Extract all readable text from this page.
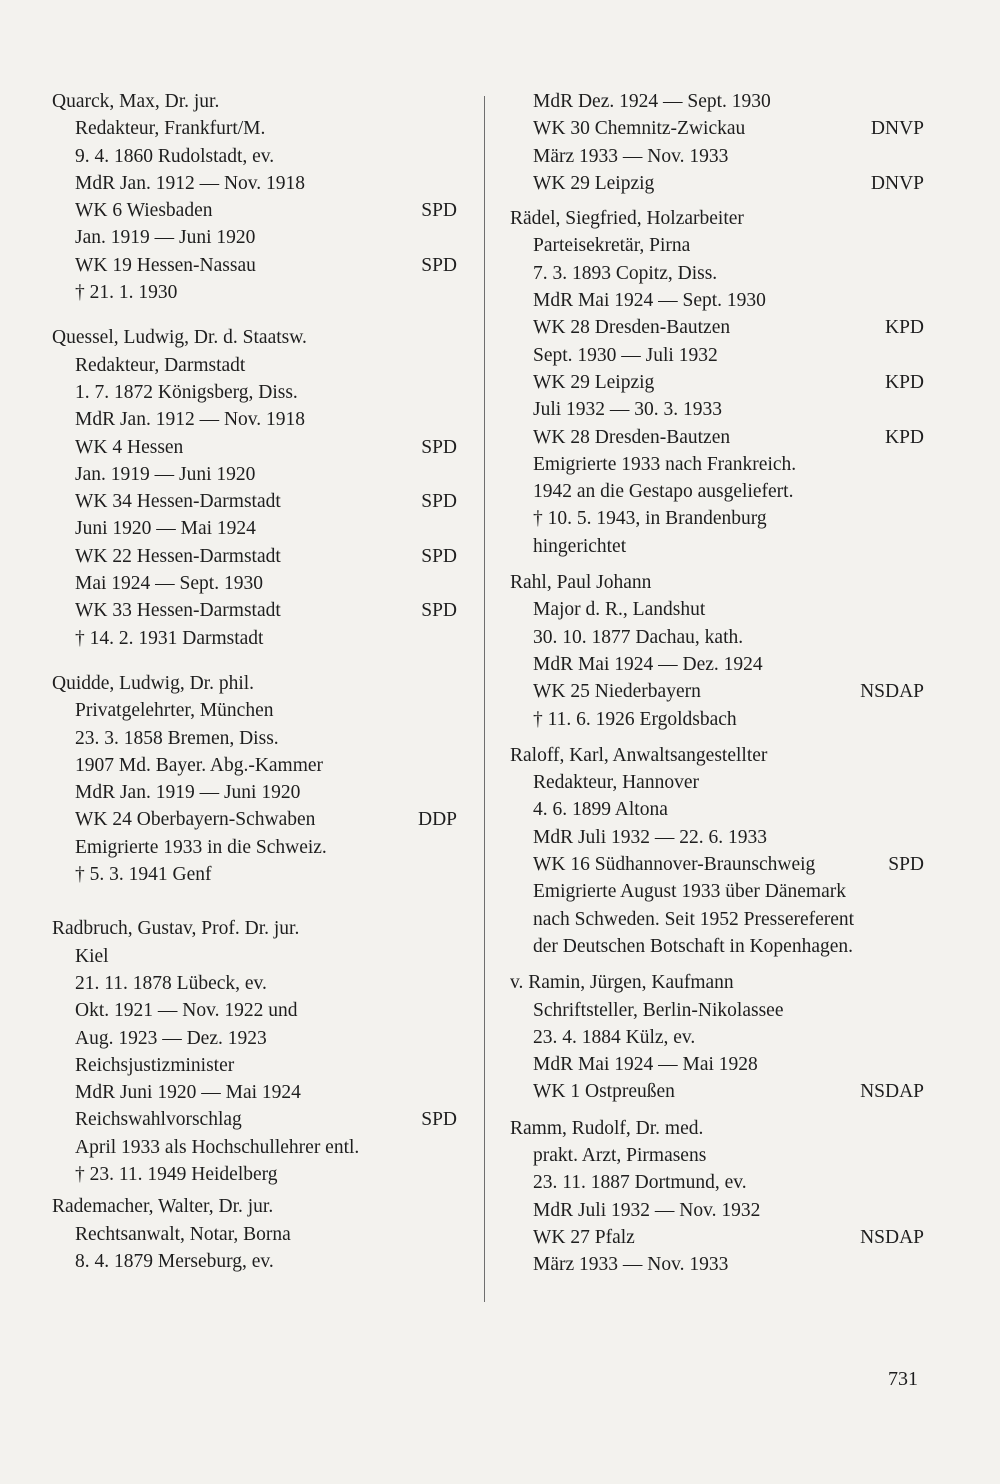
Quarck, Max, Dr. jur.
Redakteur, Frankfurt/M.
9. 4. 1860 Rudolstadt, ev.
MdR Jan. 1912 — Nov. 1918
WK 6 Wiesbaden	SPD
Jan. 1919 — Juni 1920
WK 19 Hessen-Nassau	SPD
† 21. 1. 1930
Quessel, Ludwig, Dr. d. Staatsw.
Redakteur, Darmstadt
1. 7. 1872 Königsberg, Diss.
MdR Jan. 1912 — Nov. 1918
WK 4 Hessen	SPD
Jan. 1919 — Juni 1920
WK 34 Hessen-Darmstadt	SPD
Juni 1920 — Mai 1924
WK 22 Hessen-Darmstadt	SPD
Mai 1924 — Sept. 1930
WK 33 Hessen-Darmstadt	SPD
† 14. 2. 1931 Darmstadt
Quidde, Ludwig, Dr. phil.
Privatgelehrter, München
23. 3. 1858 Bremen, Diss.
1907 Md. Bayer. Abg.-Kammer
MdR Jan. 1919 — Juni 1920
WK 24 Oberbayern-Schwaben	DDP
Emigrierte 1933 in die Schweiz.
† 5. 3. 1941 Genf
Radbruch, Gustav, Prof. Dr. jur.
Kiel
21. 11. 1878 Lübeck, ev.
Okt. 1921 — Nov. 1922 und
Aug. 1923 — Dez. 1923
Reichsjustizminister
MdR Juni 1920 — Mai 1924
Reichswahlvorschlag	SPD
April 1933 als Hochschullehrer entl.
† 23. 11. 1949 Heidelberg
Rademacher, Walter, Dr. jur.
Rechtsanwalt, Notar, Borna
8. 4. 1879 Merseburg, ev.
MdR Dez. 1924 — Sept. 1930
WK 30 Chemnitz-Zwickau	DNVP
März 1933 — Nov. 1933
WK 29 Leipzig	DNVP
Rädel, Siegfried, Holzarbeiter
Parteisekretär, Pirna
7. 3. 1893 Copitz, Diss.
MdR Mai 1924 — Sept. 1930
WK 28 Dresden-Bautzen	KPD
Sept. 1930 — Juli 1932
WK 29 Leipzig	KPD
Juli 1932 — 30. 3. 1933
WK 28 Dresden-Bautzen	KPD
Emigrierte 1933 nach Frankreich.
1942 an die Gestapo ausgeliefert.
† 10. 5. 1943, in Brandenburg
hingerichtet
Rahl, Paul Johann
Major d. R., Landshut
30. 10. 1877 Dachau, kath.
MdR Mai 1924 — Dez. 1924
WK 25 Niederbayern	NSDAP
† 11. 6. 1926 Ergoldsbach
Raloff, Karl, Anwaltsangestellter
Redakteur, Hannover
4. 6. 1899 Altona
MdR Juli 1932 — 22. 6. 1933
WK 16 Südhannover-Braunschweig	SPD
Emigrierte August 1933 über Dänemark
nach Schweden. Seit 1952 Pressereferent
der Deutschen Botschaft in Kopenhagen.
v. Ramin, Jürgen, Kaufmann
Schriftsteller, Berlin-Nikolassee
23. 4. 1884 Külz, ev.
MdR Mai 1924 — Mai 1928
WK 1 Ostpreußen	NSDAP
Ramm, Rudolf, Dr. med.
prakt. Arzt, Pirmasens
23. 11. 1887 Dortmund, ev.
MdR Juli 1932 — Nov. 1932
WK 27 Pfalz	NSDAP
März 1933 — Nov. 1933
731
